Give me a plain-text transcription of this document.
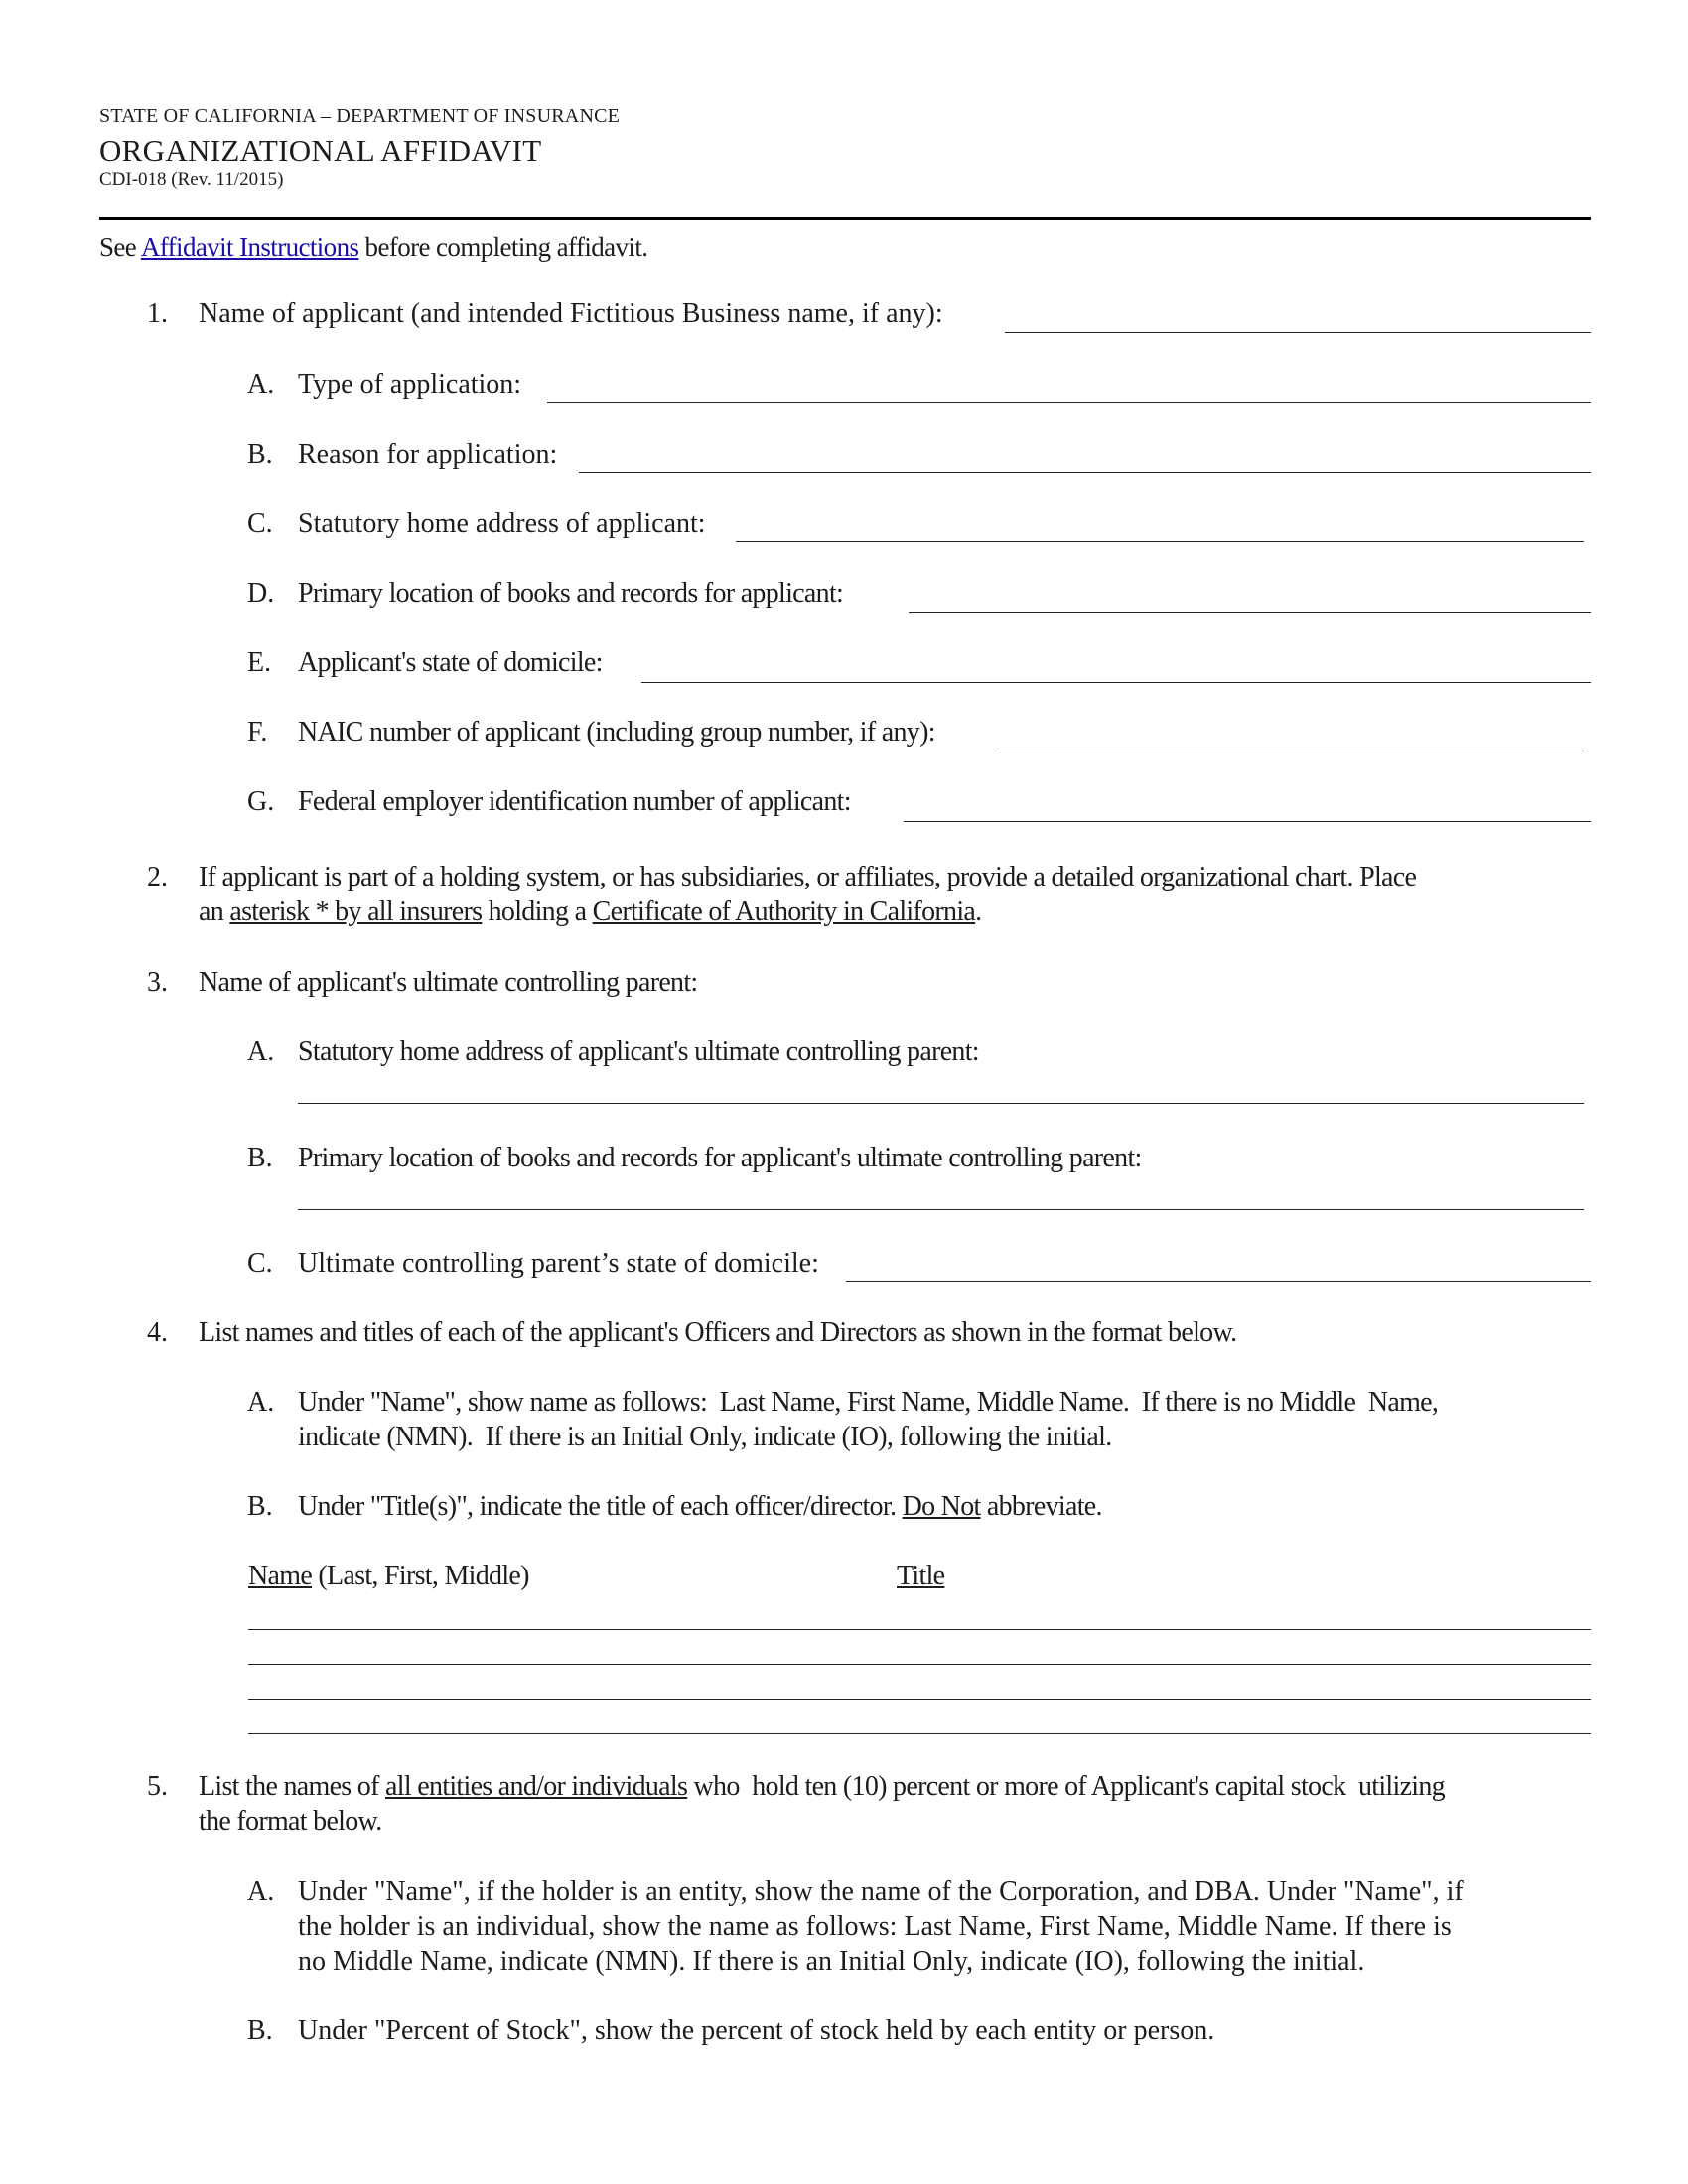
STATE OF CALIFORNIA – DEPARTMENT OF INSURANCE
ORGANIZATIONAL AFFIDAVIT
CDI-018 (Rev. 11/2015)
See Affidavit Instructions before completing affidavit.
1. Name of applicant (and intended Fictitious Business name, if any):
A. Type of application:
B. Reason for application:
C. Statutory home address of applicant:
D. Primary location of books and records for applicant:
E. Applicant's state of domicile:
F. NAIC number of applicant (including group number, if any):
G. Federal employer identification number of applicant:
2. If applicant is part of a holding system, or has subsidiaries, or affiliates, provide a detailed organizational chart. Place
an asterisk * by all insurers holding a Certificate of Authority in California.
3. Name of applicant's ultimate controlling parent:
A. Statutory home address of applicant's ultimate controlling parent:
B. Primary location of books and records for applicant's ultimate controlling parent:
C. Ultimate controlling parent’s state of domicile:
4. List names and titles of each of the applicant's Officers and Directors as shown in the format below.
A. Under "Name", show name as follows:  Last Name, First Name, Middle Name.  If there is no Middle  Name,
indicate (NMN).  If there is an Initial Only, indicate (IO), following the initial.
B. Under "Title(s)", indicate the title of each officer/director. Do Not abbreviate.
Name (Last, First, Middle)	Title
5. List the names of all entities and/or individuals who  hold ten (10) percent or more of Applicant's capital stock  utilizing
the format below.
A. Under "Name", if the holder is an entity, show the name of the Corporation, and DBA. Under "Name", if
the holder is an individual, show the name as follows: Last Name, First Name, Middle Name. If there is
no Middle Name, indicate (NMN). If there is an Initial Only, indicate (IO), following the initial.
B. Under "Percent of Stock", show the percent of stock held by each entity or person.
